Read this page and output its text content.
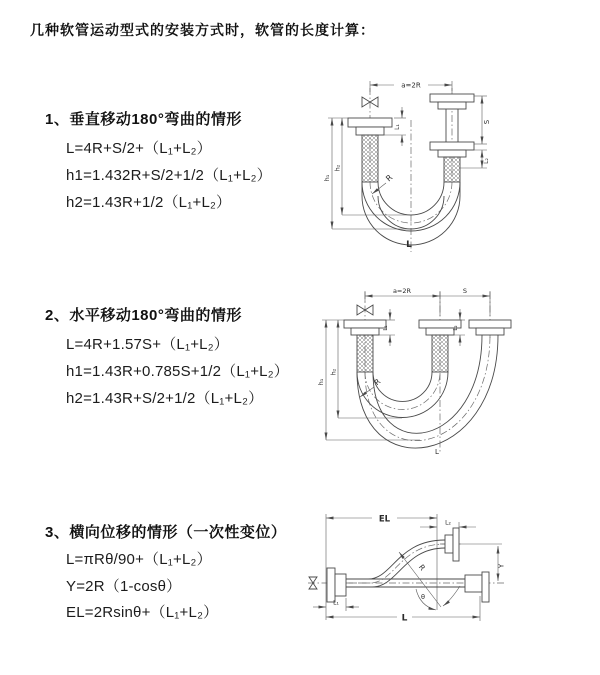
几种软管运动型式的安装方式时，软管的长度计算：
1、垂直移动180°弯曲的情形
L=4R+S/2+（L₁+L₂）
h1=1.432R+S/2+1/2（L₁+L₂）
h2=1.43R+1/2（L₁+L₂）
a=2R
h₁
h₂
L₁
S
L₂
R
L
2、水平移动180°弯曲的情形
L=4R+1.57S+（L₁+L₂）
h1=1.43R+0.785S+1/2（L₁+L₂）
h2=1.43R+S/2+1/2（L₁+L₂）
a=2R	S
h₁
h₂
L₁	L₂
R
L
3、横向位移的情形（一次性变位）
L=πRθ/90+（L₁+L₂）
Y=2R（1-cosθ）
EL=2Rsinθ+（L₁+L₂）
EL	L₂
R
θ
Y
L₁
L
